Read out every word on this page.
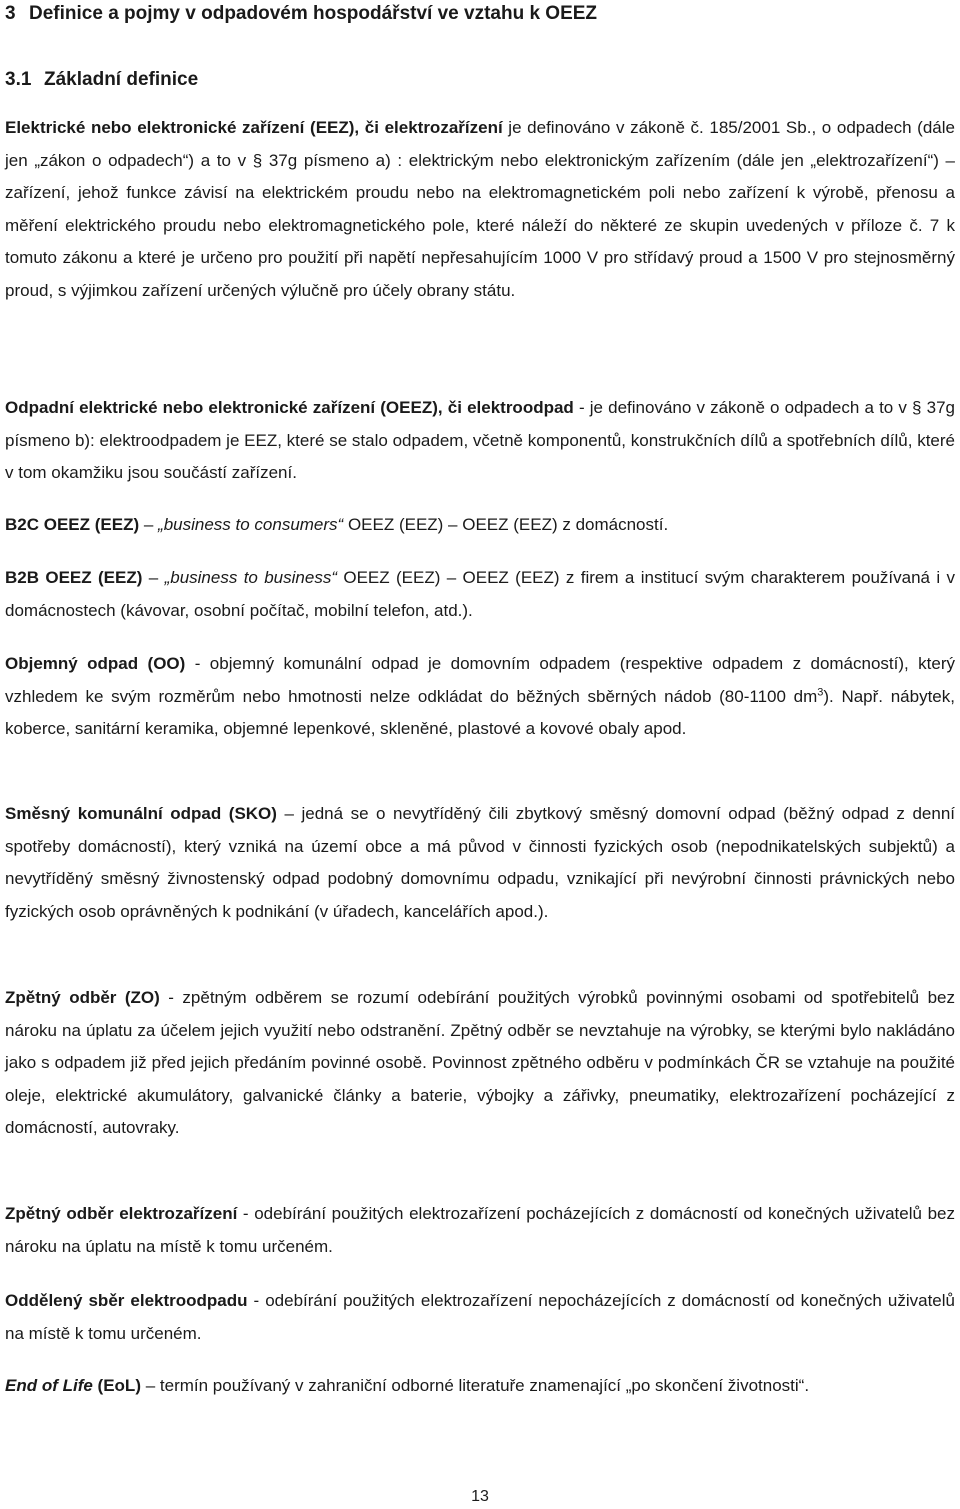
3 Definice a pojmy v odpadovém hospodářství ve vztahu k OEEZ
3.1 Základní definice

Elektrické nebo elektronické zařízení (EEZ), či elektrozařízení je definováno v zákoně č. 185/2001 Sb., o odpadech (dále jen „zákon o odpadech“) a to v § 37g písmeno a) : elektrickým nebo elektronickým zařízením (dále jen „elektrozařízení“) – zařízení, jehož funkce závisí na elektrickém proudu nebo na elektromagnetickém poli nebo zařízení k výrobě, přenosu a měření elektrického proudu nebo elektromagnetického pole, které náleží do některé ze skupin uvedených v příloze č. 7 k tomuto zákonu a které je určeno pro použití při napětí nepřesahujícím 1000 V pro střídavý proud a 1500 V pro stejnosměrný proud, s výjimkou zařízení určených výlučně pro účely obrany státu.

Odpadní elektrické nebo elektronické zařízení (OEEZ), či elektroodpad - je definováno v zákoně o odpadech a to v § 37g písmeno b): elektroodpadem je EEZ, které se stalo odpadem, včetně komponentů, konstrukčních dílů a spotřebních dílů, které v tom okamžiku jsou součástí zařízení.

B2C OEEZ (EEZ) – „business to consumers“ OEEZ (EEZ) – OEEZ (EEZ) z domácností.

B2B OEEZ (EEZ) – „business to business“ OEEZ (EEZ) – OEEZ (EEZ) z firem a institucí svým charakterem používaná i v domácnostech (kávovar, osobní počítač, mobilní telefon, atd.).

Objemný odpad (OO) - objemný komunální odpad je domovním odpadem (respektive odpadem z domácností), který vzhledem ke svým rozměrům nebo hmotnosti nelze odkládat do běžných sběrných nádob (80-1100 $dm^3$). Např. nábytek, koberce, sanitární keramika, objemné lepenkové, skleněné, plastové a kovové obaly apod.

Směsný komunální odpad (SKO) – jedná se o nevytříděný čili zbytkový směsný domovní odpad (běžný odpad z denní spotřeby domácností), který vzniká na území obce a má původ v činnosti fyzických osob (nepodnikatelských subjektů) a nevytříděný směsný živnostenský odpad podobný domovnímu odpadu, vznikající při nevýrobní činnosti právnických nebo fyzických osob oprávněných k podnikání (v úřadech, kancelářích apod.).

Zpětný odběr (ZO) - zpětným odběrem se rozumí odebírání použitých výrobků povinnými osobami od spotřebitelů bez nároku na úplatu za účelem jejich využití nebo odstranění. Zpětný odběr se nevztahuje na výrobky, se kterými bylo nakládáno jako s odpadem již před jejich předáním povinné osobě. Povinnost zpětného odběru v podmínkách ČR se vztahuje na použité oleje, elektrické akumulátory, galvanické články a baterie, výbojky a zářivky, pneumatiky, elektrozařízení pocházející z domácností, autovraky.

Zpětný odběr elektrozařízení - odebírání použitých elektrozařízení pocházejících z domácností od konečných uživatelů bez nároku na úplatu na místě k tomu určeném.

Oddělený sběr elektroodpadu - odebírání použitých elektrozařízení nepocházejících z domácností od konečných uživatelů na místě k tomu určeném.

End of Life (EoL) – termín používaný v zahraniční odborné literatuře znamenající „po skončení životnosti“.

13
